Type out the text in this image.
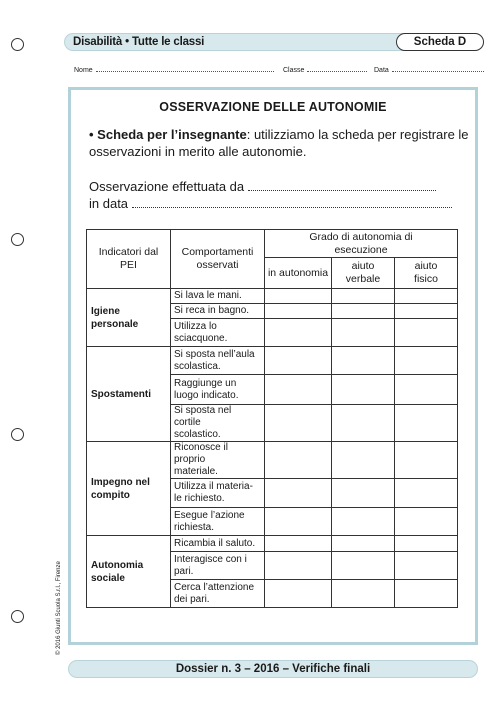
Disabilità • Tutte le classi	Scheda D
Nome	Classe	Data
OSSERVAZIONE DELLE AUTONOMIE
• Scheda per l’insegnante: utilizziamo la scheda per registrare le osservazioni in merito alle autonomie.
Osservazione effettuata da
in data
Indicatori dal PEI	Comportamenti osservati	Grado di autonomia di esecuzione		
		in autonomia	aiuto verbale	aiuto fisico
Igiene personale	Si lava le mani.			
	Si reca in bagno.			
	Utilizza lo sciacquone.			
Spostamenti	Si sposta nell’aula scolastica.			
	Raggiunge un luogo indicato.			
	Si sposta nel cortile scolastico.			
Impegno nel compito	Riconosce il proprio materiale.			
	Utilizza il materia-le richiesto.			
	Esegue l’azione richiesta.			
Autonomia sociale	Ricambia il saluto.			
	Interagisce con i pari.			
	Cerca l’attenzione dei pari.			
© 2016 Giunti Scuola S.r.l., Firenze
Dossier n. 3 – 2016 – Verifiche finali
